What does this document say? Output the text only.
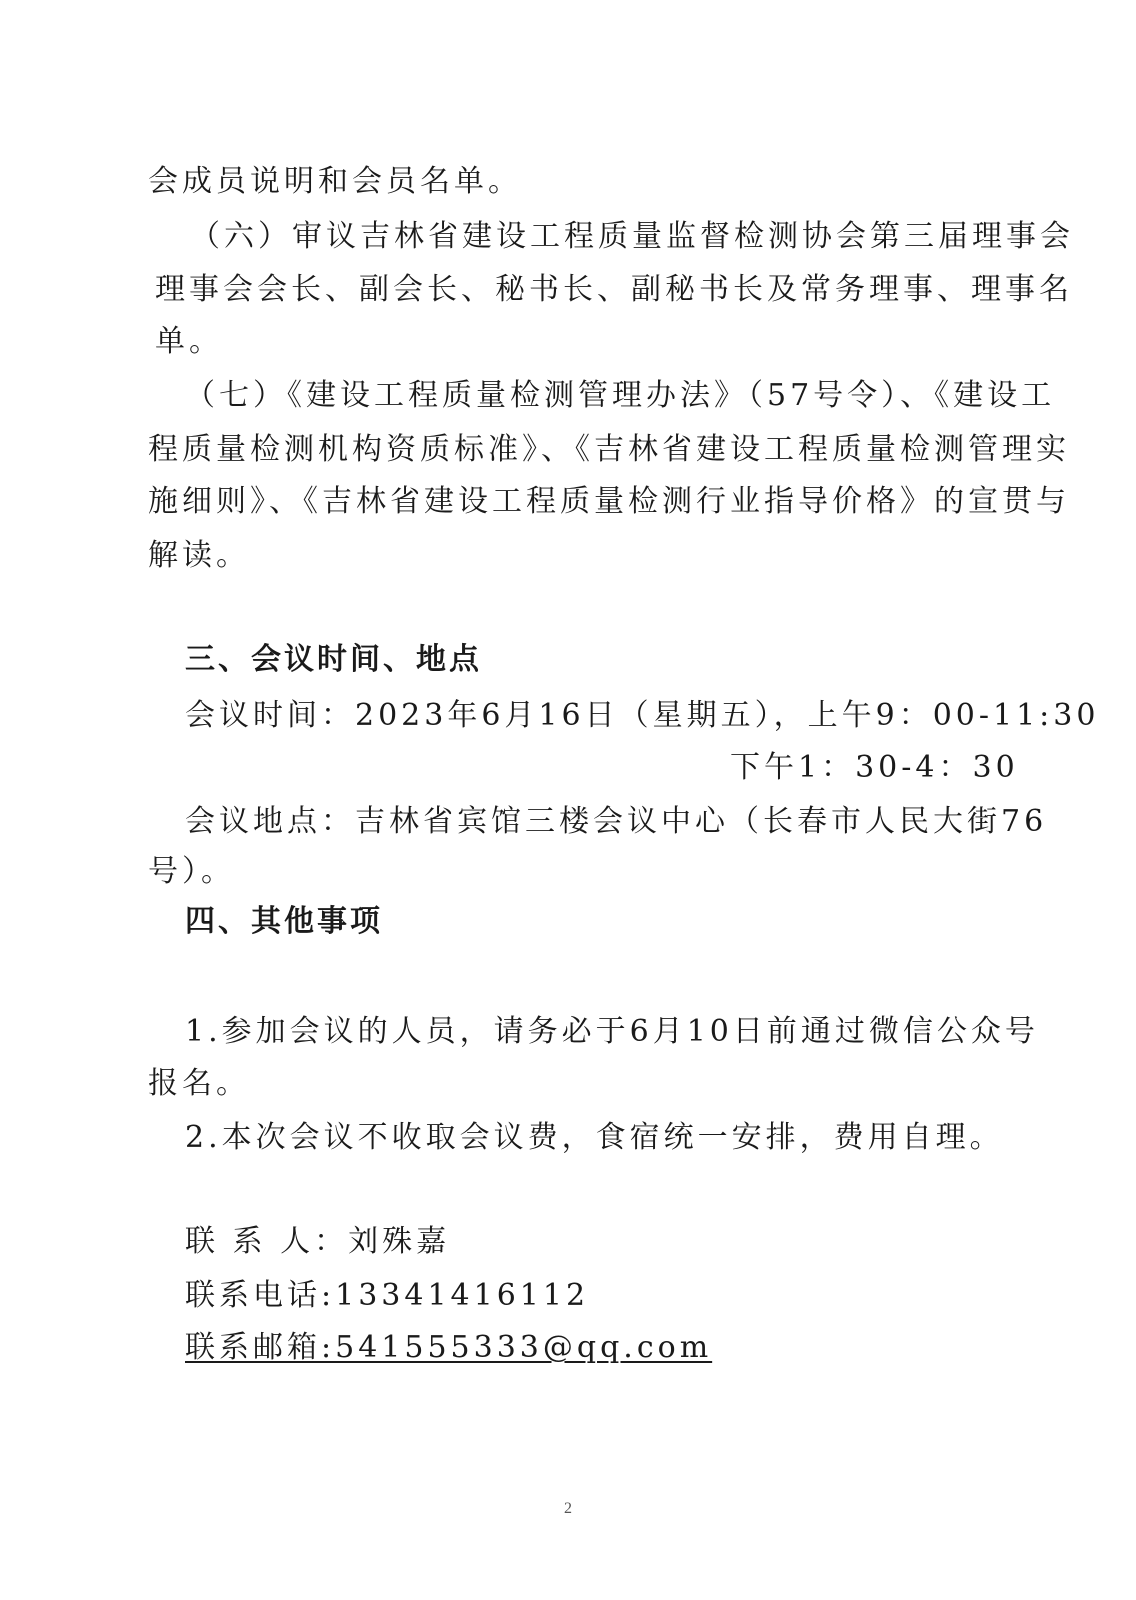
会成员说明和会员名单。
（六）审议吉林省建设工程质量监督检测协会第三届理事会
理事会会长、副会长、秘书长、副秘书长及常务理事、理事名
单。
（七）《建设工程质量检测管理办法》（57号令）、《建设工
程质量检测机构资质标准》、《吉林省建设工程质量检测管理实
施细则》、《吉林省建设工程质量检测行业指导价格》的宣贯与
解读。
三、会议时间、地点
会议时间：2023年6月16日（星期五），上午9：00-11:30
下午1：30-4：30
会议地点：吉林省宾馆三楼会议中心（长春市人民大街76
号）。
四、其他事项
1.参加会议的人员，请务必于6月10日前通过微信公众号
报名。
2.本次会议不收取会议费，食宿统一安排，费用自理。
联 系 人：刘殊嘉
联系电话:13341416112
联系邮箱:541555333@qq.com
2
